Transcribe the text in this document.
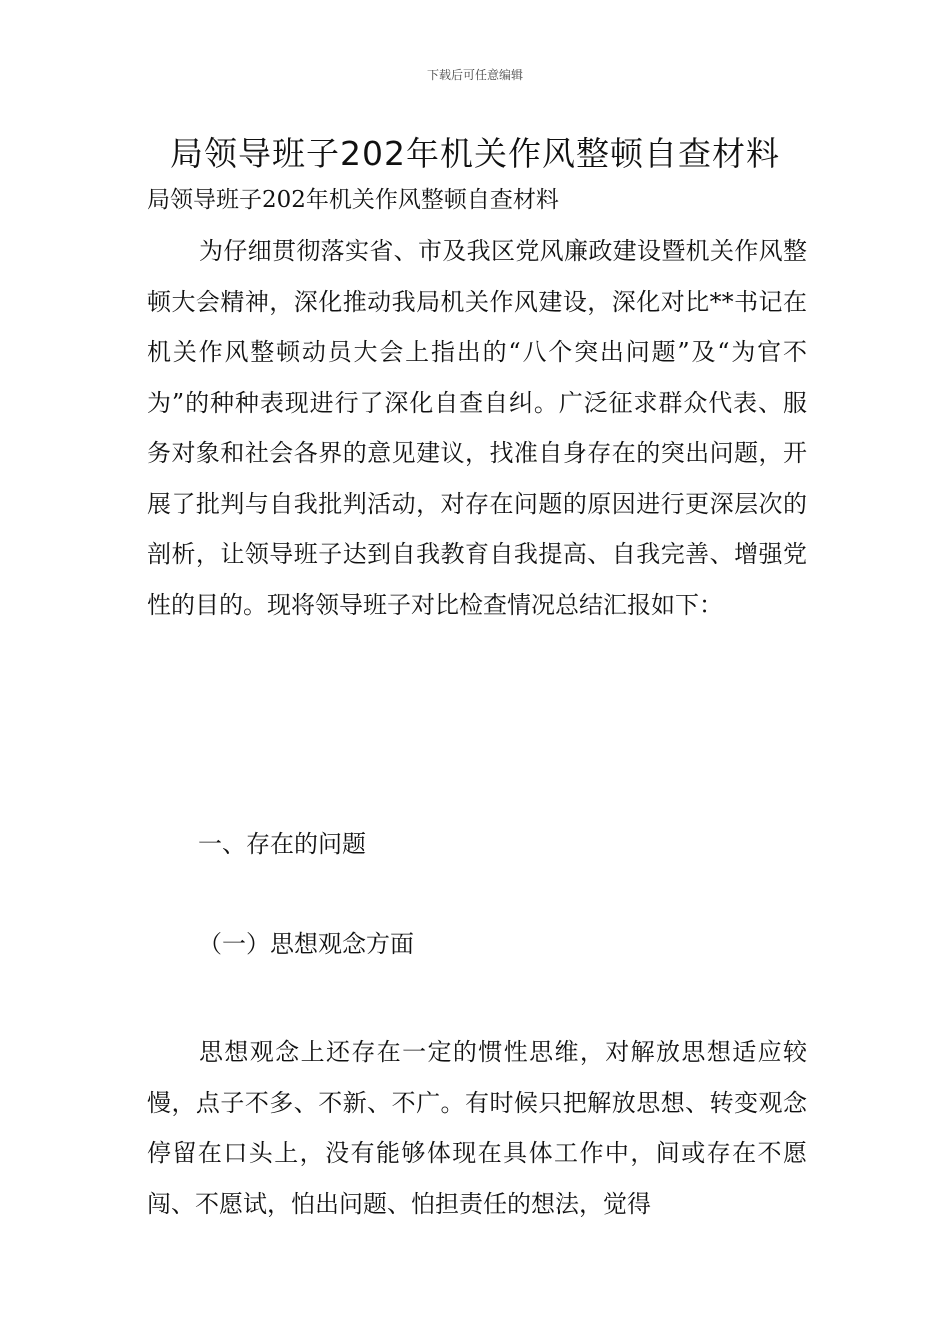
下载后可任意编辑
局领导班子202年机关作风整顿自查材料

局领导班子202年机关作风整顿自查材料

为仔细贯彻落实省、市及我区党风廉政建设暨机关作风整顿大会精神，深化推动我局机关作风建设，深化对比**书记在机关作风整顿动员大会上指出的“八个突出问题”及“为官不为”的种种表现进行了深化自查自纠。广泛征求群众代表、服务对象和社会各界的意见建议，找准自身存在的突出问题，开展了批判与自我批判活动，对存在问题的原因进行更深层次的剖析，让领导班子达到自我教育自我提高、自我完善、增强党性的目的。现将领导班子对比检查情况总结汇报如下：

一、存在的问题

（一）思想观念方面

思想观念上还存在一定的惯性思维，对解放思想适应较慢，点子不多、不新、不广。有时候只把解放思想、转变观念停留在口头上，没有能够体现在具体工作中，间或存在不愿闯、不愿试，怕出问题、怕担责任的想法，觉得
